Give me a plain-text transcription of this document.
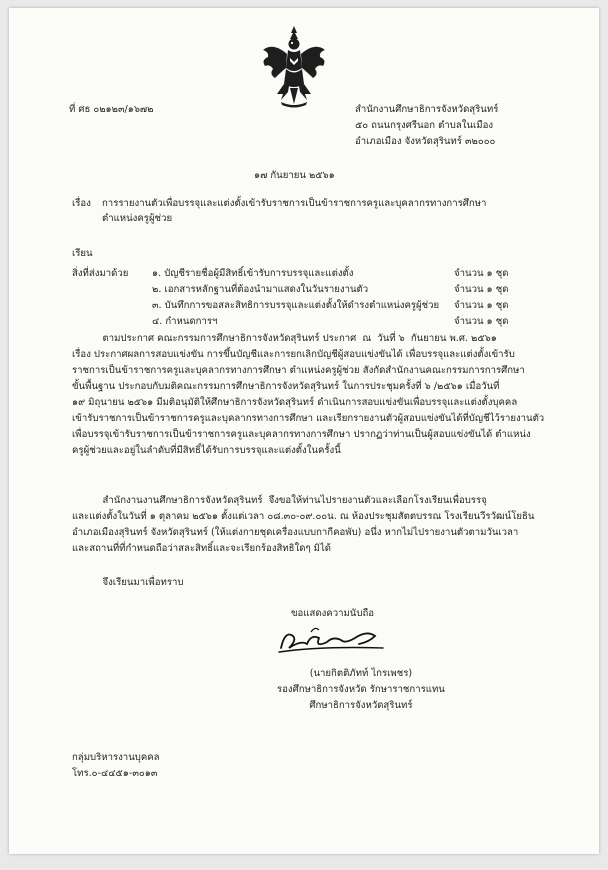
ที่ ศธ ๐๒๑๒๓/๑๖๗๒	สำนักงานศึกษาธิการจังหวัดสุรินทร์
๕๐ ถนนกรุงศรีนอก ตำบลในเมือง
อำเภอเมือง จังหวัดสุรินทร์ ๓๒๐๐๐
๑๗ กันยายน ๒๕๖๑
เรื่อง การรายงานตัวเพื่อบรรจุและแต่งตั้งเข้ารับราชการเป็นข้าราชการครูและบุคลากรทางการศึกษา
ตำแหน่งครูผู้ช่วย
เรียน
สิ่งที่ส่งมาด้วย ๑. บัญชีรายชื่อผู้มีสิทธิ์เข้ารับการบรรจุและแต่งตั้ง	จำนวน ๑ ชุด
๒. เอกสารหลักฐานที่ต้องนำมาแสดงในวันรายงานตัว	จำนวน ๑ ชุด
๓. บันทึกการขอสละสิทธิการบรรจุและแต่งตั้งให้ดำรงตำแหน่งครูผู้ช่วย จำนวน ๑ ชุด
๔. กำหนดการฯ	จำนวน ๑ ชุด
ตามประกาศ คณะกรรมการศึกษาธิการจังหวัดสุรินทร์ ประกาศ  ณ  วันที่ ๖  กันยายน พ.ศ. ๒๕๖๑
เรื่อง ประกาศผลการสอบแข่งขัน การขึ้นบัญชีและการยกเลิกบัญชีผู้สอบแข่งขันได้ เพื่อบรรจุและแต่งตั้งเข้ารับ
ราชการเป็นข้าราชการครูและบุคลากรทางการศึกษา ตำแหน่งครูผู้ช่วย สังกัดสำนักงานคณะกรรมการการศึกษา
ขั้นพื้นฐาน ประกอบกับมติคณะกรรมการศึกษาธิการจังหวัดสุรินทร์ ในการประชุมครั้งที่ ๖ /๒๕๖๑ เมื่อวันที่
๑๙ มิถุนายน ๒๕๖๑ มีมติอนุมัติให้ศึกษาธิการจังหวัดสุรินทร์ ดำเนินการสอบแข่งขันเพื่อบรรจุและแต่งตั้งบุคคล
เข้ารับราชการเป็นข้าราชการครูและบุคลากรทางการศึกษา และเรียกรายงานตัวผู้สอบแข่งขันได้ที่บัญชีไว้รายงานตัว
เพื่อบรรจุเข้ารับราชการเป็นข้าราชการครูและบุคลากรทางการศึกษา ปรากฏว่าท่านเป็นผู้สอบแข่งขันได้ ตำแหน่ง
ครูผู้ช่วยและอยู่ในลำดับที่มีสิทธิ์ได้รับการบรรจุและแต่งตั้งในครั้งนี้
สำนักงานงานศึกษาธิการจังหวัดสุรินทร์  จึงขอให้ท่านไปรายงานตัวและเลือกโรงเรียนเพื่อบรรจุ
และแต่งตั้งในวันที่ ๑ ตุลาคม ๒๕๖๑ ตั้งแต่เวลา ๐๘.๓๐-๐๙.๐๐น. ณ ห้องประชุมสัตตบรรณ โรงเรียนวีรวัฒน์โยธิน
อำเภอเมืองสุรินทร์ จังหวัดสุรินทร์ (ให้แต่งกายชุดเครื่องแบบกากีคอพับ) อนึ่ง หากไม่ไปรายงานตัวตามวันเวลา
และสถานที่ที่กำหนดถือว่าสละสิทธิ์และจะเรียกร้องสิทธิใดๆ มิได้
จึงเรียนมาเพื่อทราบ
ขอแสดงความนับถือ
(นายกิตติภัทท์ ไกรเพชร)
รองศึกษาธิการจังหวัด รักษาราชการแทน
ศึกษาธิการจังหวัดสุรินทร์
กลุ่มบริหารงานบุคคล
โทร.๐-๔๔๕๑-๓๐๑๓
